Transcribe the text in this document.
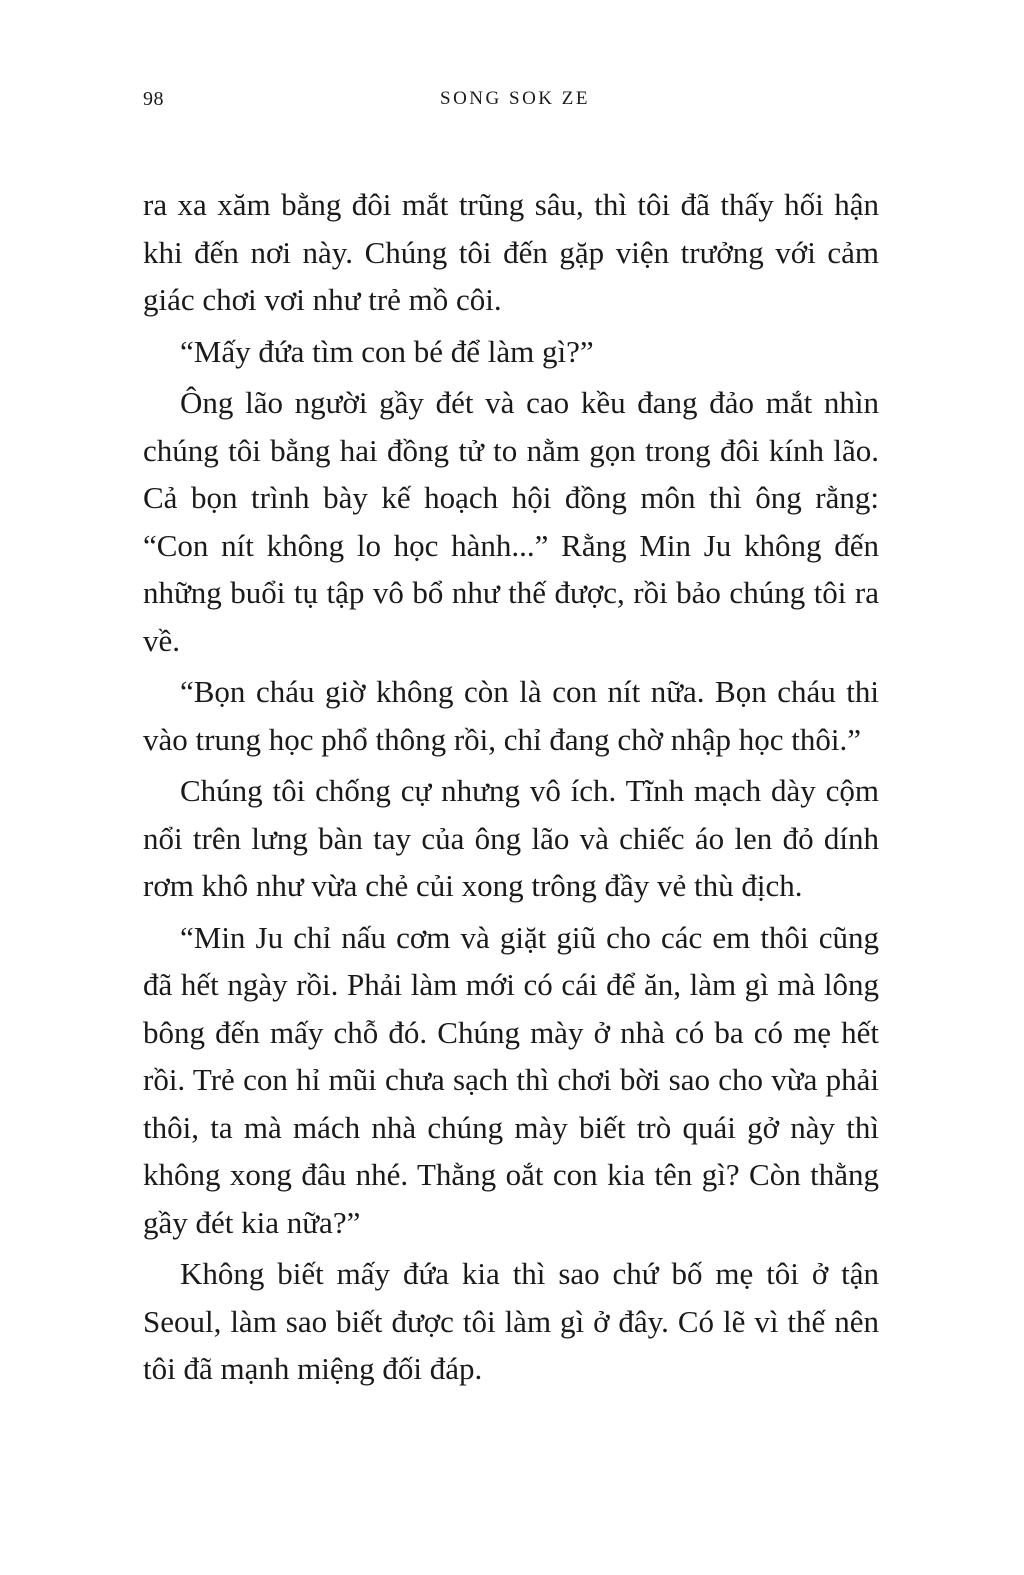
98	SONG SOK ZE

ra xa xăm bằng đôi mắt trũng sâu, thì tôi đã thấy hối hận khi đến nơi này. Chúng tôi đến gặp viện trưởng với cảm giác chơi vơi như trẻ mồ côi.

“Mấy đứa tìm con bé để làm gì?”

Ông lão người gầy đét và cao kều đang đảo mắt nhìn chúng tôi bằng hai đồng tử to nằm gọn trong đôi kính lão. Cả bọn trình bày kế hoạch hội đồng môn thì ông rằng: “Con nít không lo học hành...” Rằng Min Ju không đến những buổi tụ tập vô bổ như thế được, rồi bảo chúng tôi ra về.

“Bọn cháu giờ không còn là con nít nữa. Bọn cháu thi vào trung học phổ thông rồi, chỉ đang chờ nhập học thôi.”

Chúng tôi chống cự nhưng vô ích. Tĩnh mạch dày cộm nổi trên lưng bàn tay của ông lão và chiếc áo len đỏ dính rơm khô như vừa chẻ củi xong trông đầy vẻ thù địch.

“Min Ju chỉ nấu cơm và giặt giũ cho các em thôi cũng đã hết ngày rồi. Phải làm mới có cái để ăn, làm gì mà lông bông đến mấy chỗ đó. Chúng mày ở nhà có ba có mẹ hết rồi. Trẻ con hỉ mũi chưa sạch thì chơi bời sao cho vừa phải thôi, ta mà mách nhà chúng mày biết trò quái gở này thì không xong đâu nhé. Thằng oắt con kia tên gì? Còn thằng gầy đét kia nữa?”

Không biết mấy đứa kia thì sao chứ bố mẹ tôi ở tận Seoul, làm sao biết được tôi làm gì ở đây. Có lẽ vì thế nên tôi đã mạnh miệng đối đáp.
